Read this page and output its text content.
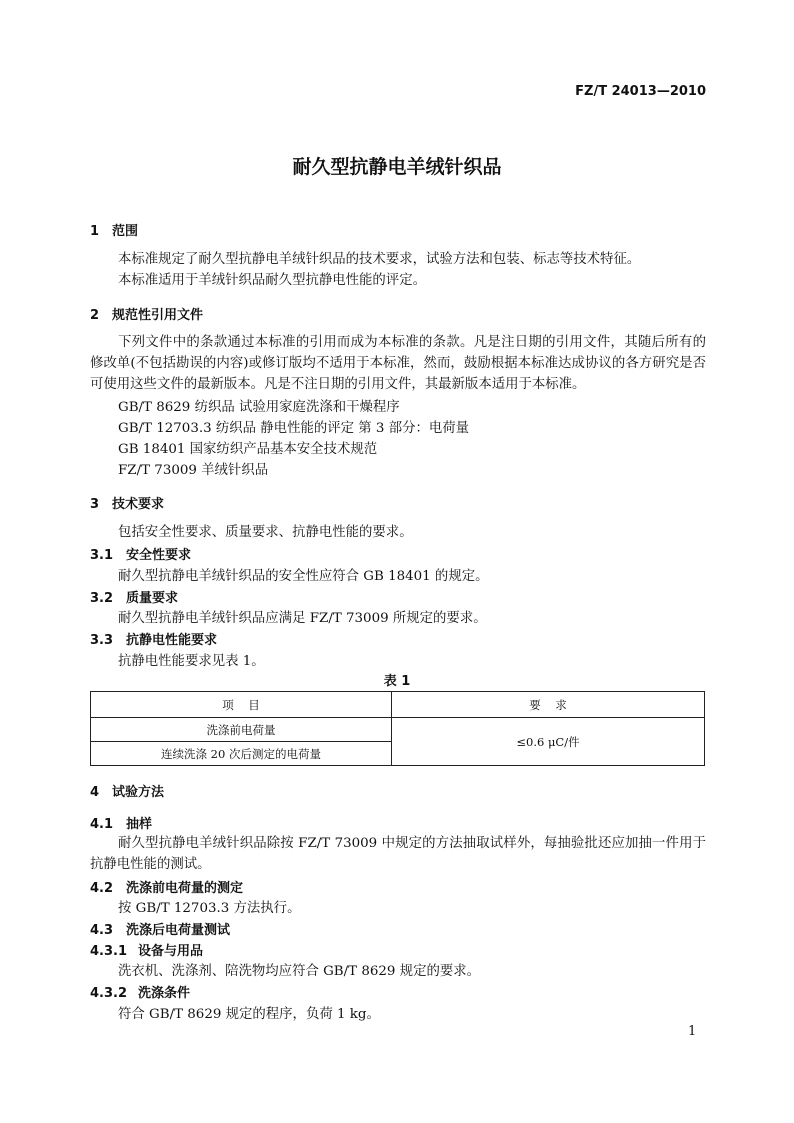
FZ/T 24013—2010
耐久型抗静电羊绒针织品
1 范围
本标准规定了耐久型抗静电羊绒针织品的技术要求，试验方法和包装、标志等技术特征。
本标准适用于羊绒针织品耐久型抗静电性能的评定。
2 规范性引用文件
下列文件中的条款通过本标准的引用而成为本标准的条款。凡是注日期的引用文件，其随后所有的修改单(不包括勘误的内容)或修订版均不适用于本标准，然而，鼓励根据本标准达成协议的各方研究是否可使用这些文件的最新版本。凡是不注日期的引用文件，其最新版本适用于本标准。
GB/T 8629 纺织品 试验用家庭洗涤和干燥程序
GB/T 12703.3 纺织品 静电性能的评定 第 3 部分：电荷量
GB 18401 国家纺织产品基本安全技术规范
FZ/T 73009 羊绒针织品
3 技术要求
包括安全性要求、质量要求、抗静电性能的要求。
3.1 安全性要求
耐久型抗静电羊绒针织品的安全性应符合 GB 18401 的规定。
3.2 质量要求
耐久型抗静电羊绒针织品应满足 FZ/T 73009 所规定的要求。
3.3 抗静电性能要求
抗静电性能要求见表 1。
表 1
项    目	要    求
洗涤前电荷量	≤0.6 μC/件
连续洗涤 20 次后测定的电荷量	
4 试验方法
4.1 抽样
耐久型抗静电羊绒针织品除按 FZ/T 73009 中规定的方法抽取试样外，每抽验批还应加抽一件用于抗静电性能的测试。
4.2 洗涤前电荷量的测定
按 GB/T 12703.3 方法执行。
4.3 洗涤后电荷量测试
4.3.1 设备与用品
洗衣机、洗涤剂、陪洗物均应符合 GB/T 8629 规定的要求。
4.3.2 洗涤条件
符合 GB/T 8629 规定的程序，负荷 1 kg。
1
